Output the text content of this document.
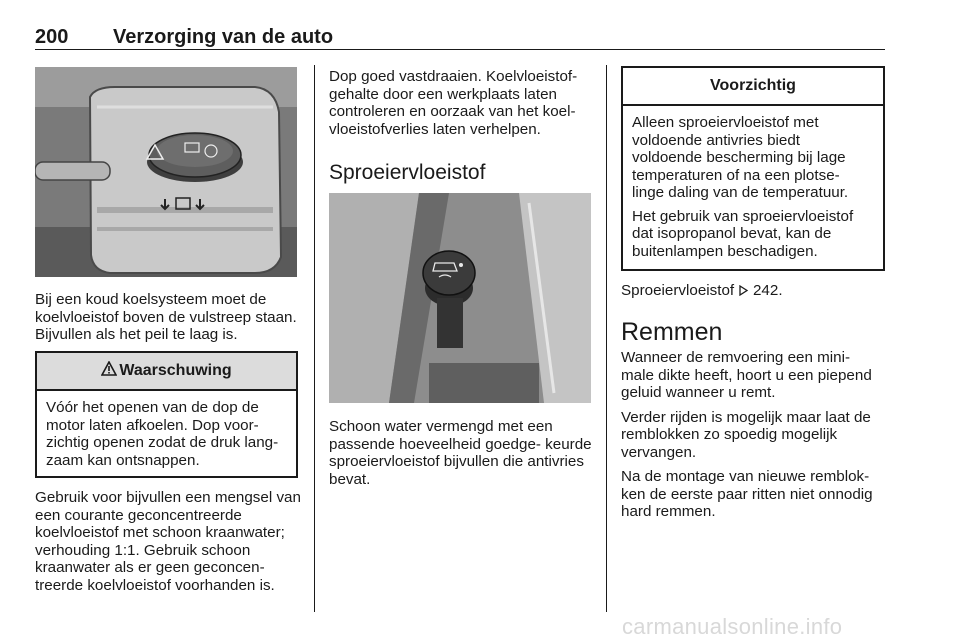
200 Verzorging van de auto

Bij een koud koelsysteem moet de koelvloeistof boven de vulstreep staan. Bijvullen als het peil te laag is.

Waarschuwing

Vóór het openen van de dop de motor laten afkoelen. Dop voor- zichtig openen zodat de druk lang- zaam kan ontsnappen.

Gebruik voor bijvullen een mengsel van een courante geconcentreerde koelvloeistof met schoon kraanwater; verhouding 1:1. Gebruik schoon kraanwater als er geen geconcen- treerde koelvloeistof voorhanden is.

Dop goed vastdraaien. Koelvloeistof- gehalte door een werkplaats laten controleren en oorzaak van het koel- vloeistofverlies laten verhelpen.

Sproeiervloeistof

Schoon water vermengd met een passende hoeveelheid goedge- keurde sproeiervloeistof bijvullen die antivries bevat.

Voorzichtig

Alleen sproeiervloeistof met voldoende antivries biedt voldoende bescherming bij lage temperaturen of na een plotse- linge daling van de temperatuur.

Het gebruik van sproeiervloeistof dat isopropanol bevat, kan de buitenlampen beschadigen.

Sproeiervloeistof 242.
Remmen

Wanneer de remvoering een mini-

male dikte heeft, hoort u een piepend

geluid wanneer u remt.

Verder rijden is mogelijk maar laat de remblokken zo spoedig mogelijk vervangen.

Na de montage van nieuwe remblok- ken de eerste paar ritten niet onnodig hard remmen.

carmanualsonline.info
